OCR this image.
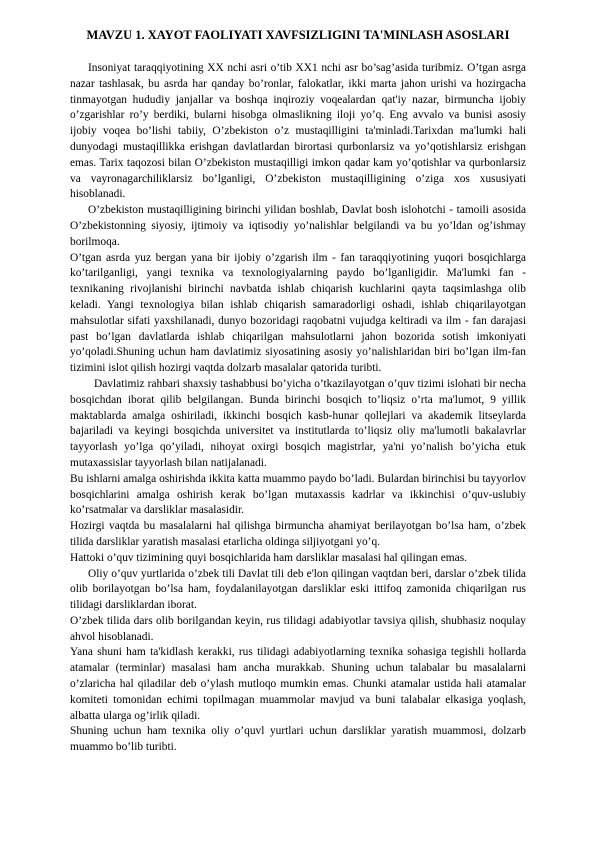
MAVZU 1. XAYOT FAOLIYATI XAVFSIZLIGINI TA'MINLASH ASOSLARI

Insoniyat taraqqiyotining XX nchi asri o’tib XX1 nchi asr bo’sag’asida turibmiz. O’tgan asrga nazar tashlasak, bu asrda har qanday bo’ronlar, falokatlar, ikki marta jahon urishi va hozirgacha tinmayotgan hududiy janjallar va boshqa inqiroziy voqealardan qat'iy nazar, birmuncha ijobiy o’zgarishlar ro’y berdiki, bularni hisobga olmaslikning iloji yo’q. Eng avvalo va bunisi asosiy ijobiy voqea bo’lishi tabiiy, O’zbekiston o’z mustaqilligini ta'minladi.Tarixdan ma'lumki hali dunyodagi mustaqillikka erishgan davlatlardan birortasi qurbonlarsiz va yo’qotishlarsiz erishgan emas. Tarix taqozosi bilan O’zbekiston mustaqilligi imkon qadar kam yo’qotishlar va qurbonlarsiz va vayronagarchiliklarsiz bo’lganligi, O’zbekiston mustaqilligining o’ziga xos xususiyati hisoblanadi.

O’zbekiston mustaqilligining birinchi yilidan boshlab, Davlat bosh islohotchi - tamoili asosida O’zbekistonning siyosiy, ijtimoiy va iqtisodiy yo’nalishlar belgilandi va bu yo’ldan og’ishmay borilmoqa.

O’tgan asrda yuz bergan yana bir ijobiy o’zgarish ilm - fan taraqqiyotining yuqori bosqichlarga ko’tarilganligi, yangi texnika va texnologiyalarning paydo bo’lganligidir. Ma'lumki fan - texnikaning rivojlanishi birinchi navbatda ishlab chiqarish kuchlarini qayta taqsimlashga olib keladi. Yangi texnologiya bilan ishlab chiqarish samaradorligi oshadi, ishlab chiqarilayotgan mahsulotlar sifati yaxshilanadi, dunyo bozoridagi raqobatni vujudga keltiradi va ilm - fan darajasi past bo’lgan davlatlarda ishlab chiqarilgan mahsulotlarni jahon bozorida sotish imkoniyati yo’qoladi.Shuning uchun ham davlatimiz siyosatining asosiy yo’nalishlaridan biri bo’lgan ilm-fan tizimini islot qilish hozirgi vaqtda dolzarb masalalar qatorida turibti.

Davlatimiz rahbari shaxsiy tashabbusi bo’yicha o’tkazilayotgan o’quv tizimi islohati bir necha bosqichdan iborat qilib belgilangan. Bunda birinchi bosqich to’liqsiz o’rta ma'lumot, 9 yillik maktablarda amalga oshiriladi, ikkinchi bosqich kasb-hunar qollejlari va akademik litseylarda bajariladi va keyingi bosqichda universitet va institutlarda to’liqsiz oliy ma'lumotli bakalavrlar tayyorlash yo’lga qo’yiladi, nihoyat oxirgi bosqich magistrlar, ya'ni yo’nalish bo’yicha etuk mutaxassislar tayyorlash bilan natijalanadi.

Bu ishlarni amalga oshirishda ikkita katta muammo paydo bo’ladi. Bulardan birinchisi bu tayyorlov bosqichlarini amalga oshirish kerak bo’lgan mutaxassis kadrlar va ikkinchisi o’quv-uslubiy ko’rsatmalar va darsliklar masalasidir.

Hozirgi vaqtda bu masalalarni hal qilishga birmuncha ahamiyat berilayotgan bo’lsa ham, o’zbek tilida darsliklar yaratish masalasi etarlicha oldinga siljiyotgani yo’q.

Hattoki o’quv tizimining quyi bosqichlarida ham darsliklar masalasi hal qilingan emas.

Oliy o’quv yurtlarida o’zbek tili Davlat tili deb e'lon qilingan vaqtdan beri, darslar o’zbek tilida olib borilayotgan bo’lsa ham, foydalanilayotgan darsliklar eski ittifoq zamonida chiqarilgan rus tilidagi darsliklardan iborat.

O’zbek tilida dars olib borilgandan keyin, rus tilidagi adabiyotlar tavsiya qilish, shubhasiz noqulay ahvol hisoblanadi.

Yana shuni ham ta'kidlash kerakki, rus tilidagi adabiyotlarning texnika sohasiga tegishli hollarda atamalar (terminlar) masalasi ham ancha murakkab. Shuning uchun talabalar bu masalalarni o’zlaricha hal qiladilar deb o’ylash mutloqo mumkin emas. Chunki atamalar ustida hali atamalar komiteti tomonidan echimi topilmagan muammolar mavjud va buni talabalar elkasiga yoqlash, albatta ularga og’irlik qiladi.

Shuning uchun ham texnika oliy o’quvl yurtlari uchun darsliklar yaratish muammosi, dolzarb muammo bo’lib turibti.
